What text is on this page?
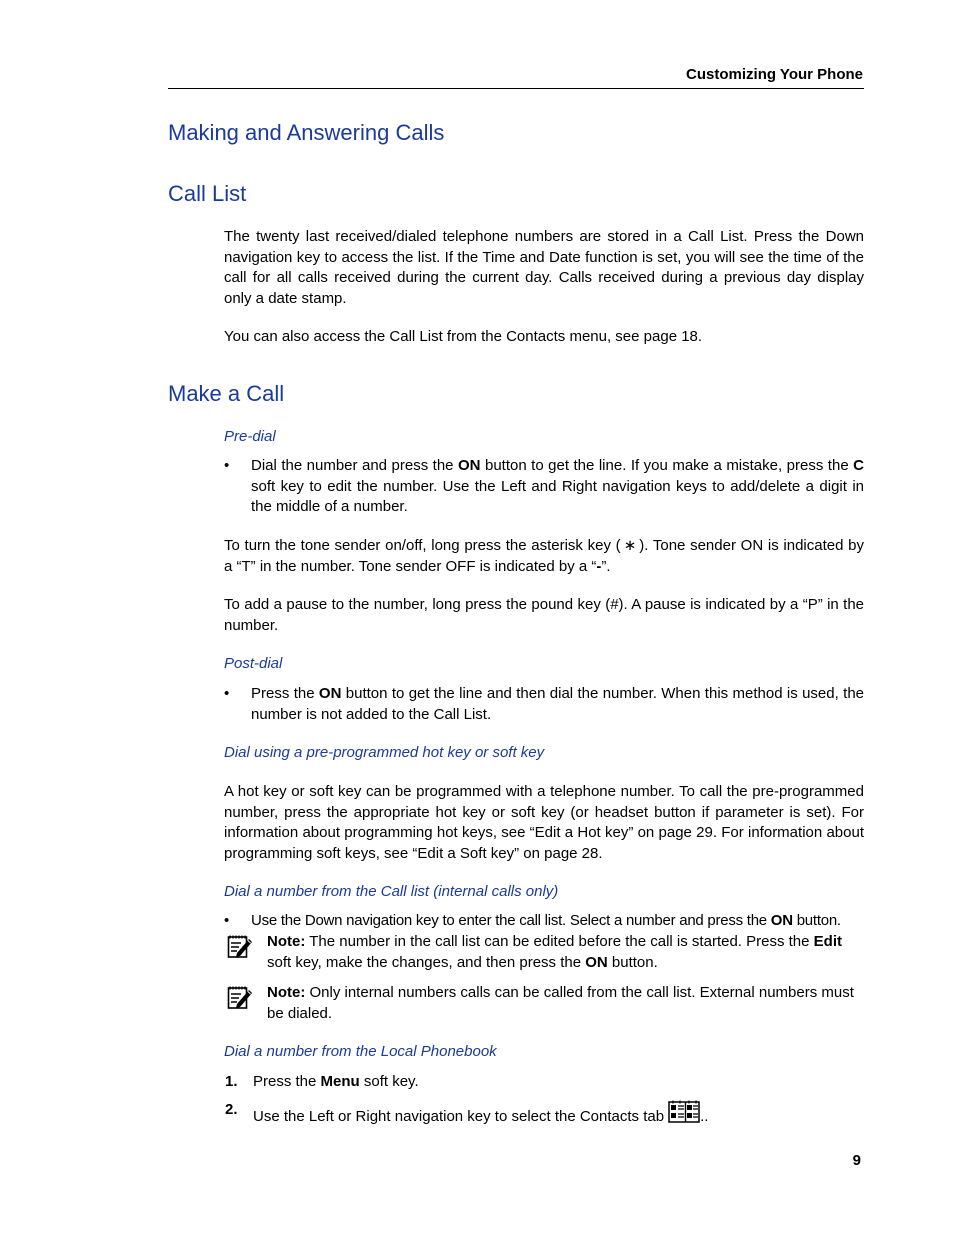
Customizing Your Phone
Making and Answering Calls
Call List

The twenty last received/dialed telephone numbers are stored in a Call List. Press the Down navigation key to access the list. If the Time and Date function is set, you will see the time of the call for all calls received during the current day. Calls received during a previous day display only a date stamp.

You can also access the Call List from the Contacts menu, see page 18.

Make a Call

Pre-dial

• Dial the number and press the ON button to get the line. If you make a mistake, press the C soft key to edit the number. Use the Left and Right navigation keys to add/delete a digit in the middle of a number.

To turn the tone sender on/off, long press the asterisk key ( ∗ ). Tone sender ON is indicated by a “T” in the number. Tone sender OFF is indicated by a “-”.

To add a pause to the number, long press the pound key (#). A pause is indicated by a “P” in the number.

Post-dial

• Press the ON button to get the line and then dial the number. When this method is used, the number is not added to the Call List.

Dial using a pre-programmed hot key or soft key

A hot key or soft key can be programmed with a telephone number. To call the pre-programmed number, press the appropriate hot key or soft key (or headset button if parameter is set). For information about programming hot keys, see “Edit a Hot key” on page 29. For information about programming soft keys, see “Edit a Soft key” on page 28.

Dial a number from the Call list (internal calls only)

• Use the Down navigation key to enter the call list. Select a number and press the ON button.
Note: The number in the call list can be edited before the call is started. Press the Edit soft key, make the changes, and then press the ON button.
Note: Only internal numbers calls can be called from the call list. External numbers must be dialed.

Dial a number from the Local Phonebook

1. Press the Menu soft key.
2. Use the Left or Right navigation key to select the Contacts tab ..
9
